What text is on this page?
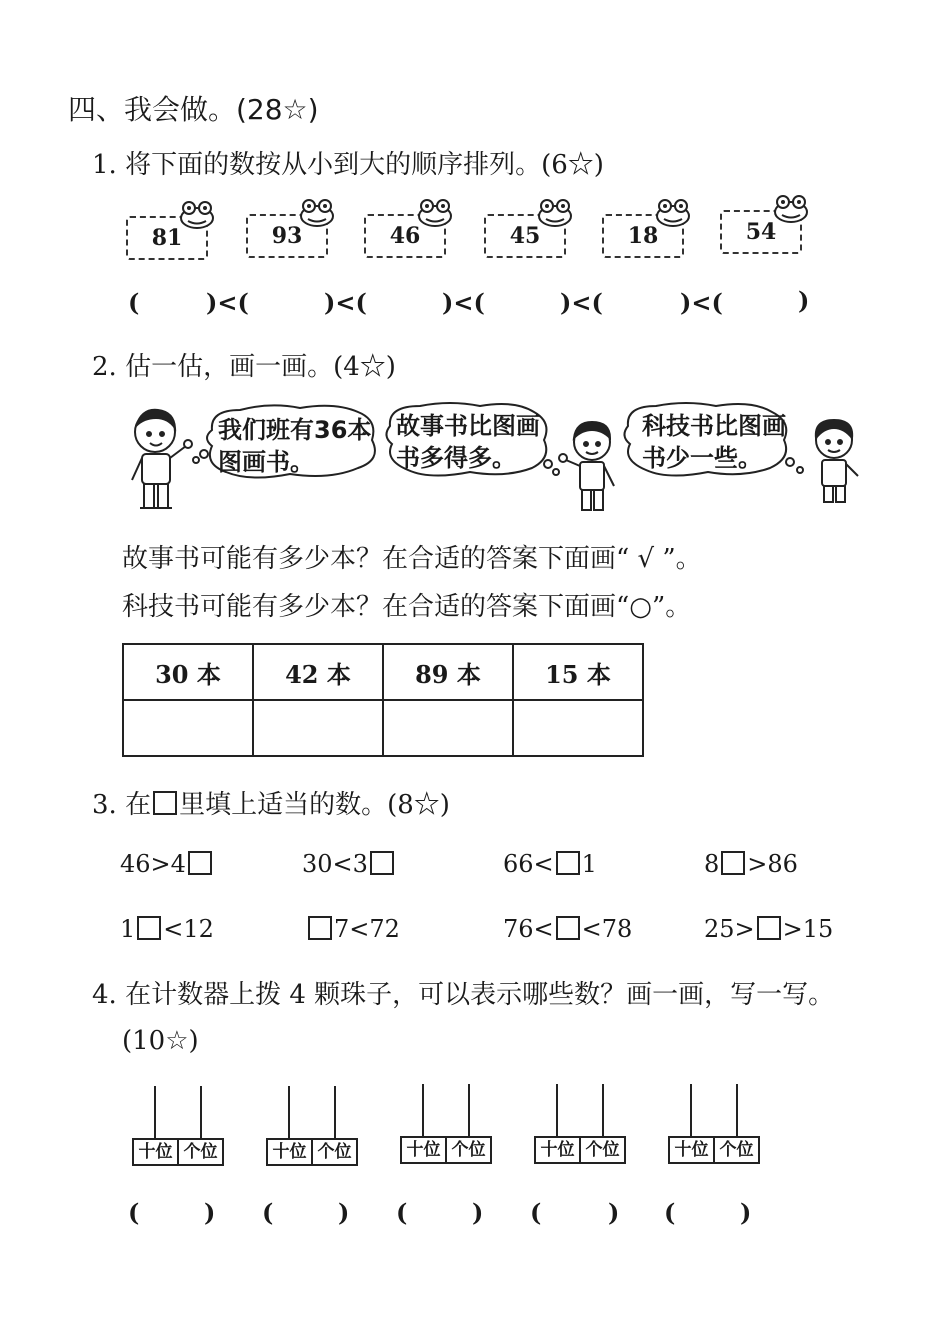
四、我会做。(28☆)
1. 将下面的数按从小到大的顺序排列。(6☆)
81	93	46	45	18	54
(	)<(	)<(	)<(	)<(	)<(	)
2. 估一估，画一画。(4☆)
我们班有36本
图画书。
故事书比图画
书多得多。
科技书比图画
书少一些。
故事书可能有多少本？在合适的答案下面画“ √ ”。
科技书可能有多少本？在合适的答案下面画“○”。
30 本	42 本	89 本	15 本

3. 在 里填上适当的数。(8☆)
46>4	30<3	66< 1	8 >86
1 <12	7<72	76< <78	25> >15
4. 在计数器上拨 4 颗珠子，可以表示哪些数？画一画，写一写。
(10☆)
十位 个位	十位 个位	十位 个位	十位 个位	十位 个位
(	) (	) (	) (	) (	)
